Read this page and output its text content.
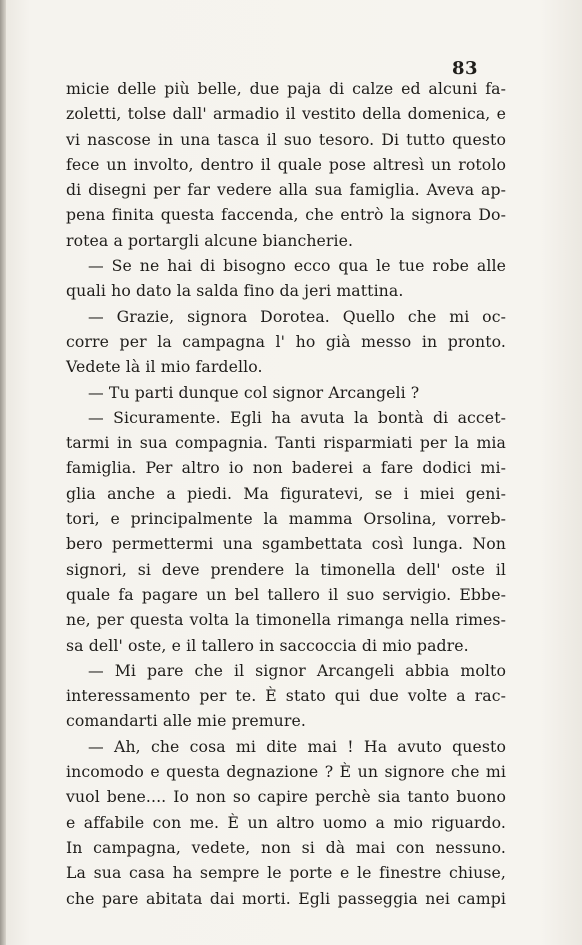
83
micie delle più belle, due paja di calze ed alcuni fa-
zoletti, tolse dall' armadio il vestito della domenica, e
vi nascose in una tasca il suo tesoro. Di tutto questo
fece un involto, dentro il quale pose altresì un rotolo
di disegni per far vedere alla sua famiglia. Aveva ap-
pena finita questa faccenda, che entrò la signora Do-
rotea a portargli alcune biancherie.
— Se ne hai di bisogno ecco qua le tue robe alle
quali ho dato la salda fino da jeri mattina.
— Grazie, signora Dorotea. Quello che mi oc-
corre per la campagna l' ho già messo in pronto.
Vedete là il mio fardello.
— Tu parti dunque col signor Arcangeli ?
— Sicuramente. Egli ha avuta la bontà di accet-
tarmi in sua compagnia. Tanti risparmiati per la mia
famiglia. Per altro io non baderei a fare dodici mi-
glia anche a piedi. Ma figuratevi, se i miei geni-
tori, e principalmente la mamma Orsolina, vorreb-
bero permettermi una sgambettata così lunga. Non
signori, si deve prendere la timonella dell' oste il
quale fa pagare un bel tallero il suo servigio. Ebbe-
ne, per questa volta la timonella rimanga nella rimes-
sa dell' oste, e il tallero in saccoccia di mio padre.
— Mi pare che il signor Arcangeli abbia molto
interessamento per te. È stato qui due volte a rac-
comandarti alle mie premure.
— Ah, che cosa mi dite mai ! Ha avuto questo
incomodo e questa degnazione ? È un signore che mi
vuol bene.... Io non so capire perchè sia tanto buono
e affabile con me. È un altro uomo a mio riguardo.
In campagna, vedete, non si dà mai con nessuno.
La sua casa ha sempre le porte e le finestre chiuse,
che pare abitata dai morti. Egli passeggia nei campi
